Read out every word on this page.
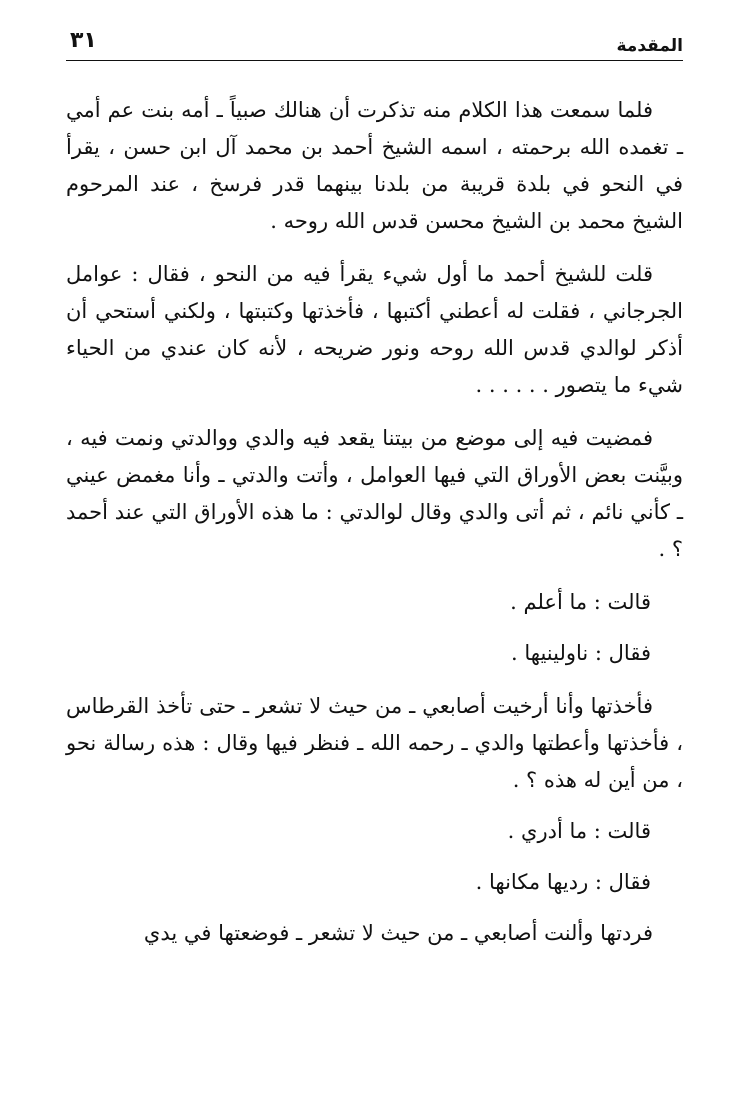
المقدمة
٣١

فلما سمعت هذا الكلام منه تذكرت أن هنالك صبياً ـ أمه بنت عم أمي ـ تغمده الله برحمته ، اسمه الشيخ أحمد بن محمد آل ابن حسن ، يقرأ في النحو في بلدة قريبة من بلدنا بينهما قدر فرسخ ، عند المرحوم الشيخ محمد بن الشيخ محسن قدس الله روحه .

قلت للشيخ أحمد ما أول شيء يقرأ فيه من النحو ، فقال : عوامل الجرجاني ، فقلت له أعطني أكتبها ، فأخذتها وكتبتها ، ولكني أستحي أن أذكر لوالدي قدس الله روحه ونور ضريحه ، لأنه كان عندي من الحياء شيء ما يتصور . . . . . .

فمضيت فيه إلى موضع من بيتنا يقعد فيه والدي ووالدتي ونمت فيه ، وبيَّنت بعض الأوراق التي فيها العوامل ، وأتت والدتي ـ وأنا مغمض عيني ـ كأني نائم ، ثم أتى والدي وقال لوالدتي : ما هذه الأوراق التي عند أحمد ؟ .

قالت : ما أعلم .

فقال : ناولينيها .

فأخذتها وأنا أرخيت أصابعي ـ من حيث لا تشعر ـ حتى تأخذ القرطاس ، فأخذتها وأعطتها والدي ـ رحمه الله ـ فنظر فيها وقال : هذه رسالة نحو ، من أين له هذه ؟ .

قالت : ما أدري .

فقال : رديها مكانها .

فردتها وألنت أصابعي ـ من حيث لا تشعر ـ فوضعتها في يدي
